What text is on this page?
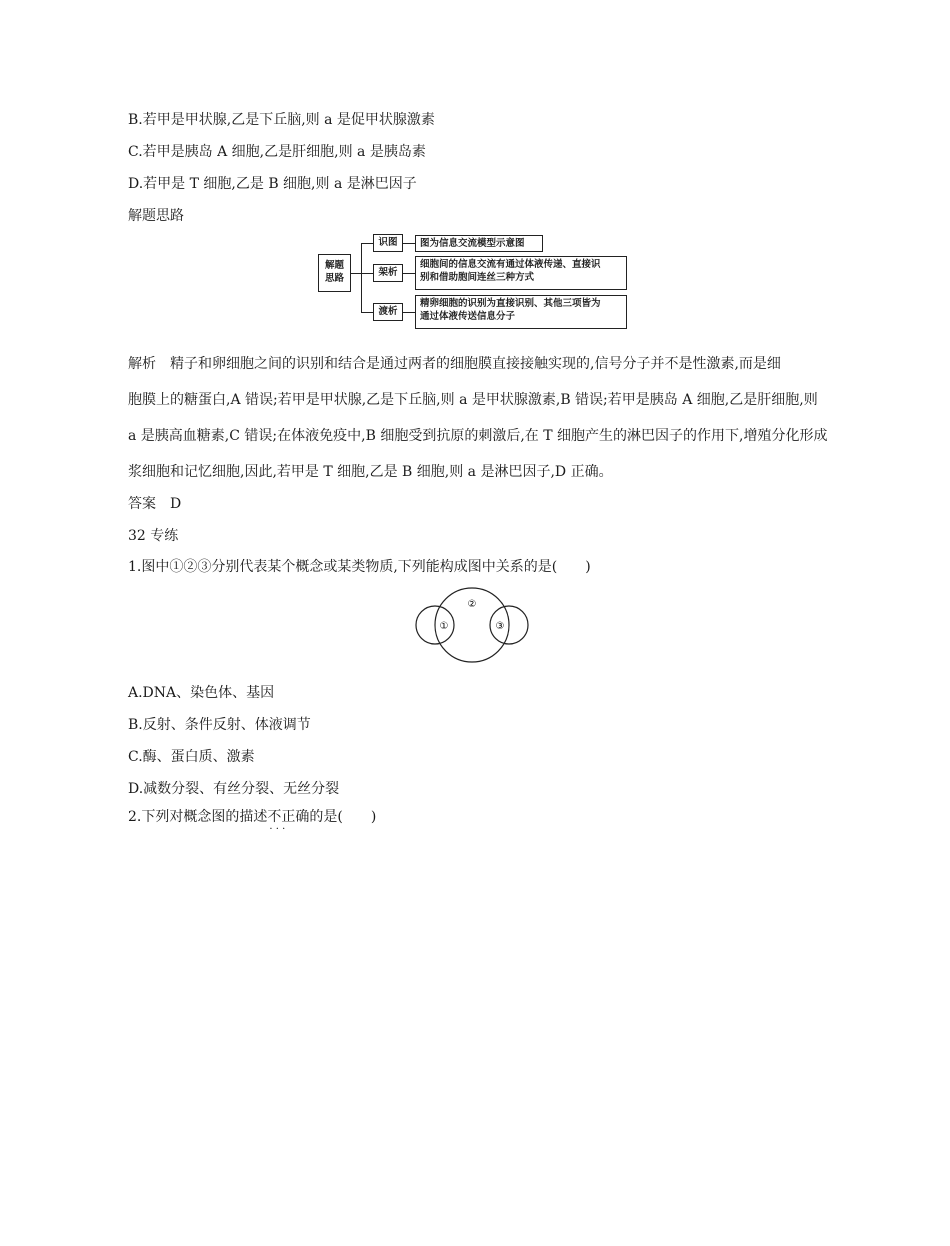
B.若甲是甲状腺,乙是下丘脑,则 a 是促甲状腺激素
C.若甲是胰岛 A 细胞,乙是肝细胞,则 a 是胰岛素
D.若甲是 T 细胞,乙是 B 细胞,则 a 是淋巴因子
解题思路
解题
思路
识图	图为信息交流模型示意图
架析
细胞间的信息交流有通过体液传递、直接识
别和借助胞间连丝三种方式
渡析
精卵细胞的识别为直接识别、其他三项皆为
通过体液传送信息分子
解析　 精子和卵细胞之间的识别和结合是通过两者的细胞膜直接接触实现的,信号分子并不是性激素,而是细
胞膜上的糖蛋白,A 错误;若甲是甲状腺,乙是下丘脑,则 a 是甲状腺激素,B 错误;若甲是胰岛 A 细胞,乙是肝细胞,则 a 是胰高血糖素,C 错误;在体液免疫中,B 细胞受到抗原的刺激后,在 T 细胞产生的淋巴因子的作用下,增殖分化形成浆细胞和记忆细胞,因此,若甲是 T 细胞,乙是 B 细胞,则 a 是淋巴因子,D 正确。
答案　 D
32 专练
1.图中①②③分别代表某个概念或某类物质,下列能构成图中关系的是(　　)
①
②
③
A.DNA、染色体、基因
B.反射、条件反射、体液调节
C.酶、蛋白质、激素
D.减数分裂、有丝分裂、无丝分裂
2.下列对概念图的描述不正确 · · ·的是(　　)
